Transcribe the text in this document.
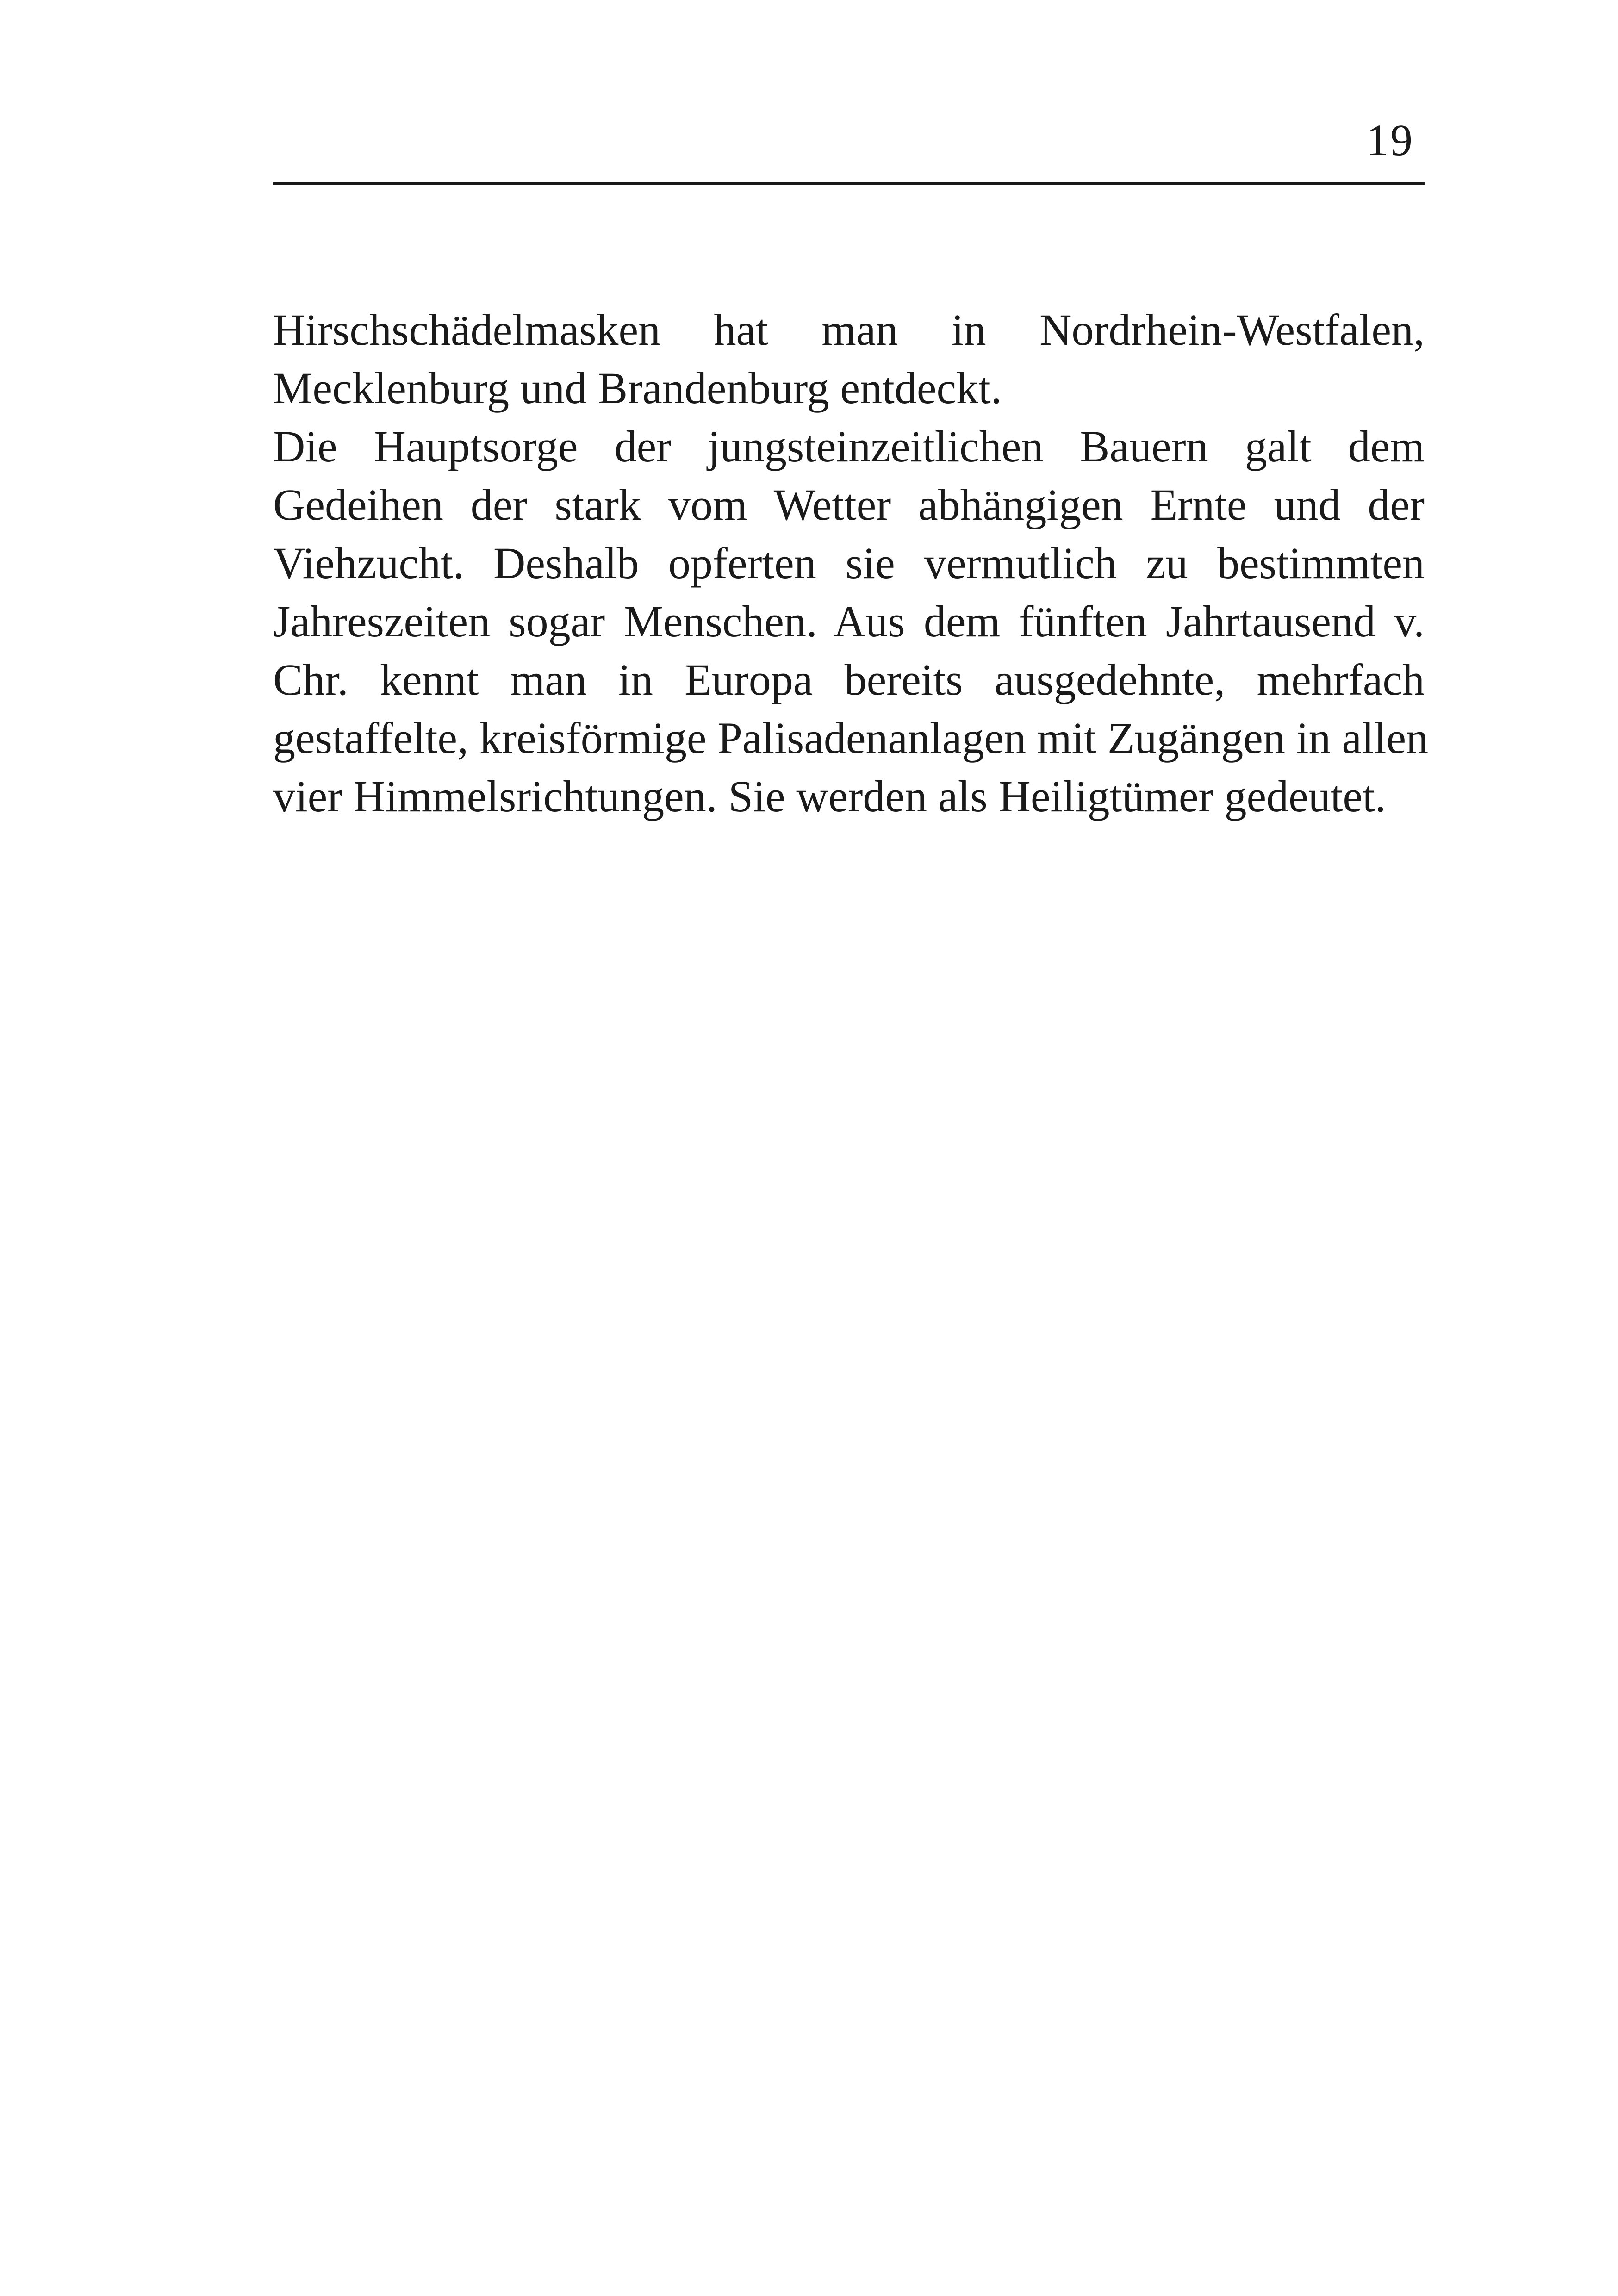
19
Hirschschädelmasken hat man in Nordrhein-Westfalen,
Mecklenburg und Brandenburg entdeckt.
Die Hauptsorge der jungsteinzeitlichen Bauern galt dem
Gedeihen der stark vom Wetter abhängigen Ernte und der
Viehzucht. Deshalb opferten sie vermutlich zu bestimmten
Jahreszeiten sogar Menschen. Aus dem fünften Jahrtausend v.
Chr. kennt man in Europa bereits ausgedehnte, mehrfach
gestaffelte, kreisförmige Palisadenanlagen mit Zugängen in allen
vier Himmelsrichtungen. Sie werden als Heiligtümer gedeutet.
